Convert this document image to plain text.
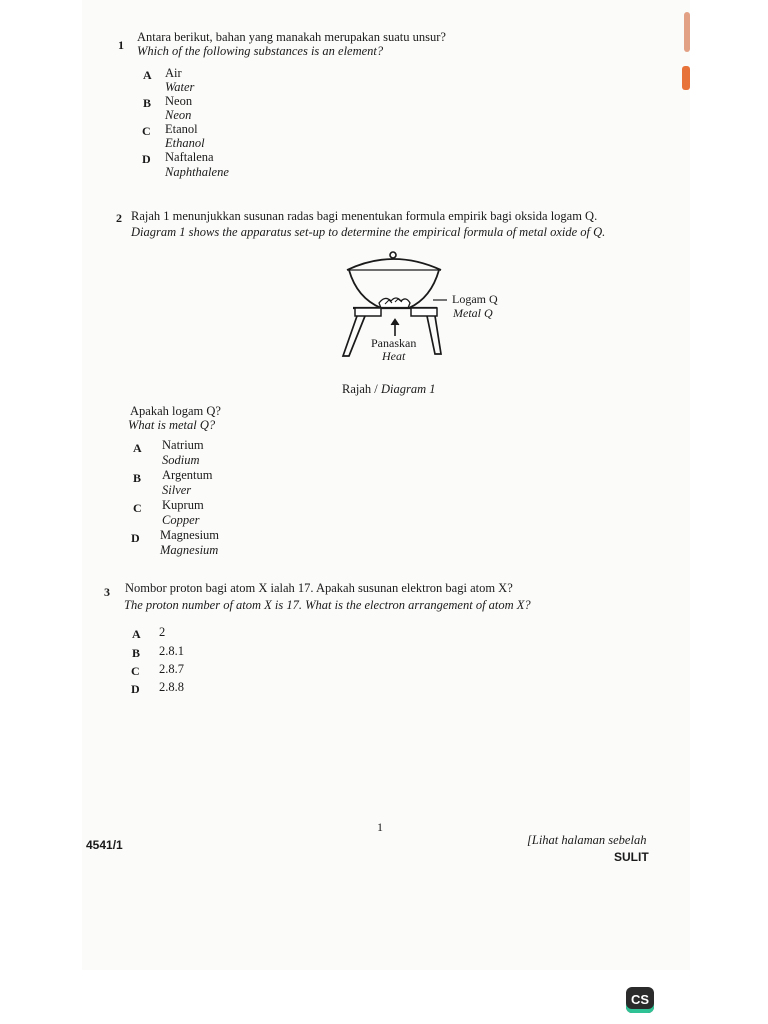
1
Antara berikut, bahan yang manakah merupakan suatu unsur?
Which of the following substances is an element?
A Air
Water
B Neon
Neon
C Etanol
Ethanol
D Naftalena
Naphthalene
2 Rajah 1 menunjukkan susunan radas bagi menentukan formula empirik bagi oksida logam Q.
Diagram 1 shows the apparatus set-up to determine the empirical formula of metal oxide of Q.
Logam Q
Metal Q
Panaskan
Heat
Rajah / Diagram 1
Apakah logam Q?
What is metal Q?
A Natrium
Sodium
B Argentum
Silver
C Kuprum
Copper
D Magnesium
Magnesium
3 Nombor proton bagi atom X ialah 17. Apakah susunan elektron bagi atom X?
The proton number of atom X is 17. What is the electron arrangement of atom X?
A 2
B 2.8.1
C 2.8.7
D 2.8.8
1
4541/1	[Lihat halaman sebelah
SULIT
CS
